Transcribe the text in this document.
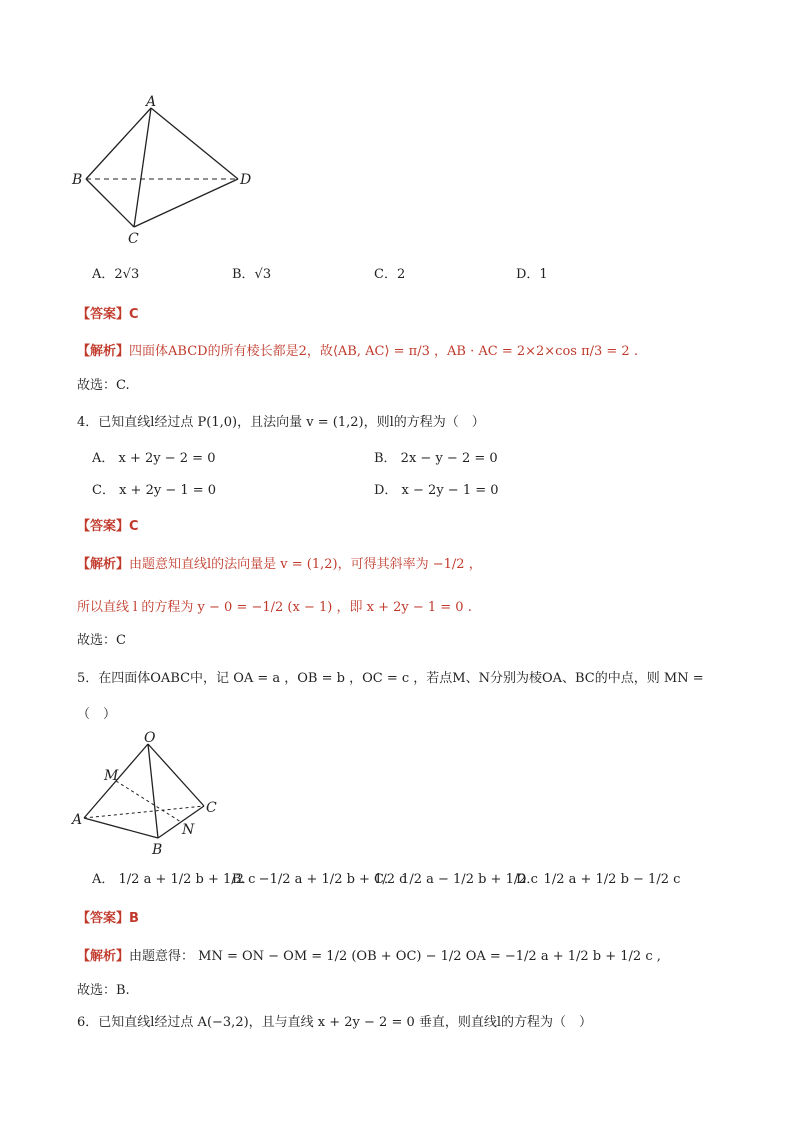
A
B
C
D
A．2√3	B．√3	C．2	D．1
【答案】C
【解析】四面体ABCD的所有棱长都是2，故⟨AB, AC⟩ = π/3 ，AB · AC = 2×2×cos π/3 = 2 .
故选：C.
4．已知直线l经过点 P(1,0)，且法向量 v = (1,2)，则l的方程为（　）
A． x + 2y − 2 = 0	B． 2x − y − 2 = 0
C． x + 2y − 1 = 0	D． x − 2y − 1 = 0
【答案】C
【解析】由题意知直线l的法向量是 v = (1,2)，可得其斜率为 −1/2 ，
所以直线 l 的方程为 y − 0 = −1/2 (x − 1) ，即 x + 2y − 1 = 0 .
故选：C
5．在四面体OABC中，记 OA = a ，OB = b ，OC = c ，若点M、N分别为棱OA、BC的中点，则 MN =
（　）
O
M
A
B
C
N
A． 1/2 a + 1/2 b + 1/2 c
B． −1/2 a + 1/2 b + 1/2 c
C． 1/2 a − 1/2 b + 1/2 c
D． 1/2 a + 1/2 b − 1/2 c
【答案】B
【解析】由题意得： MN = ON − OM = 1/2 (OB + OC) − 1/2 OA = −1/2 a + 1/2 b + 1/2 c ,
故选：B.
6．已知直线l经过点 A(−3,2)，且与直线 x + 2y − 2 = 0 垂直，则直线l的方程为（　）
